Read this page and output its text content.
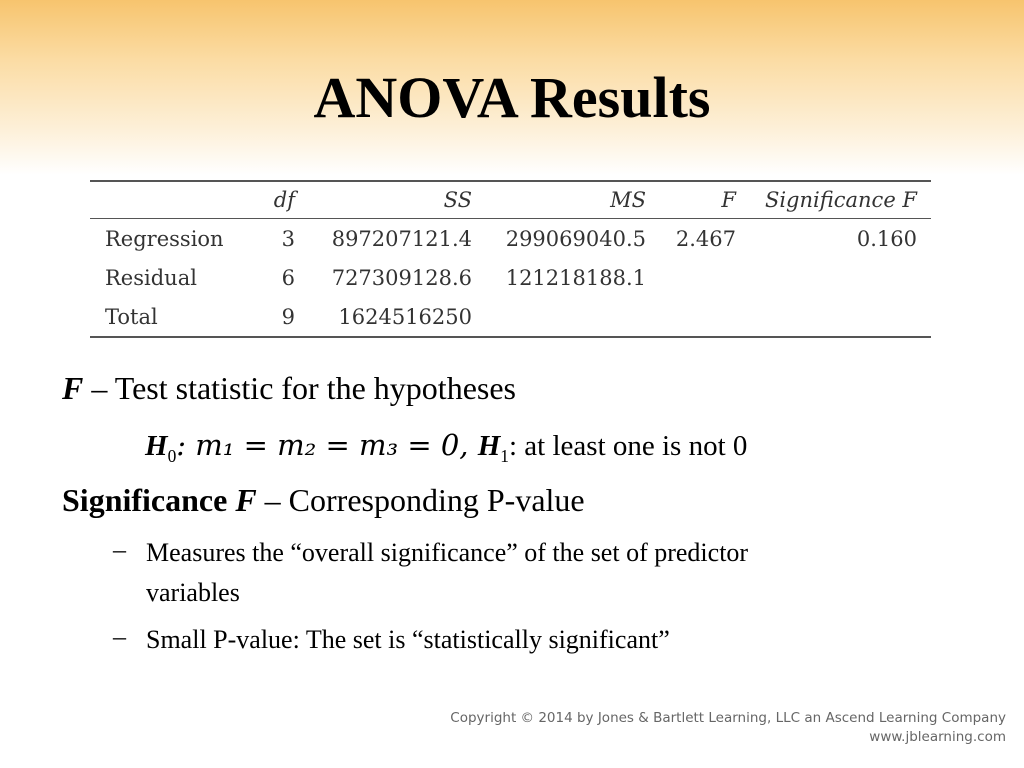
ANOVA Results
	df	SS	MS	F	Significance F
Regression	3	897207121.4	299069040.5	2.467	0.160
Residual	6	727309128.6	121218188.1		
Total	9	1624516250			
F – Test statistic for the hypotheses
$H_0$: m₁ = m₂ = m₃ = 0, $H_1$: at least one is not 0
Significance F – Corresponding P-value
– Measures the “overall significance” of the set of predictor
variables
– Small P-value: The set is “statistically significant”
Copyright © 2014 by Jones & Bartlett Learning, LLC an Ascend Learning Company
www.jblearning.com
